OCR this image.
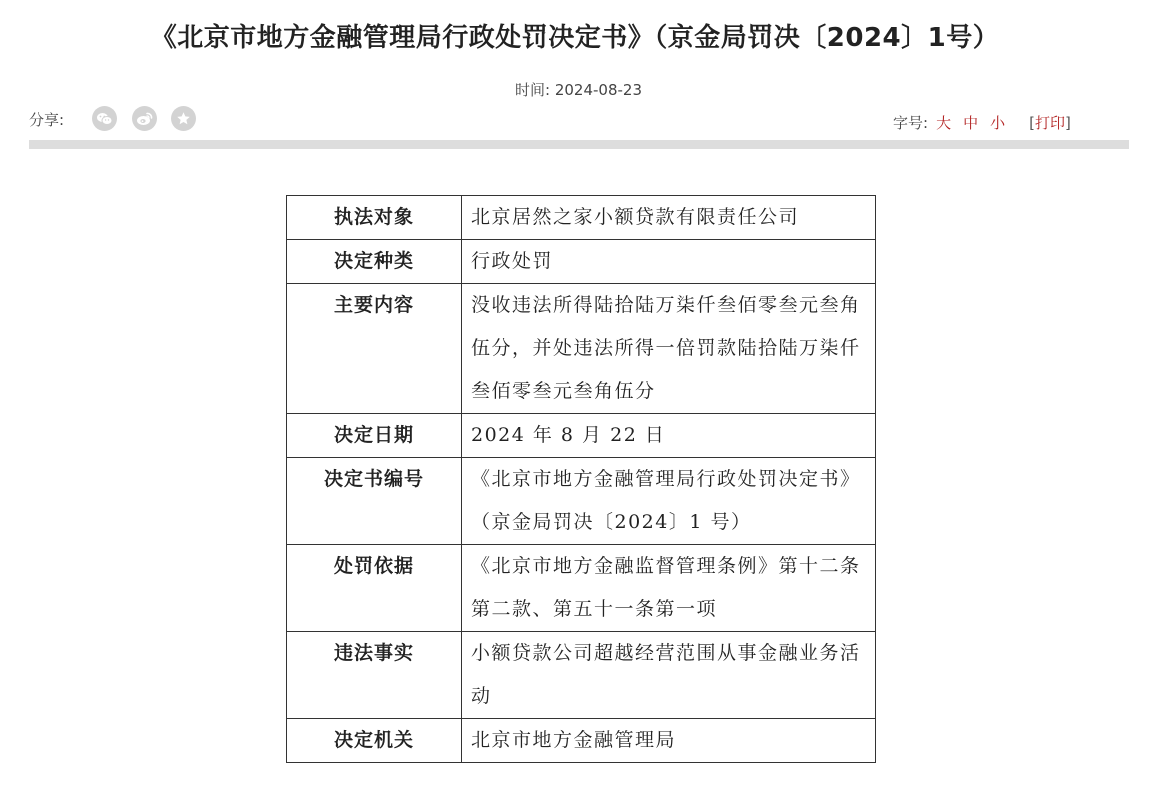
《北京市地方金融管理局行政处罚决定书》（京金局罚决〔2024〕1号）
时间: 2024-08-23
分享:	字号: 大 中 小 [打印]
执法对象	北京居然之家小额贷款有限责任公司
决定种类	行政处罚
主要内容	没收违法所得陆拾陆万柒仟叁佰零叁元叁角伍分，并处违法所得一倍罚款陆拾陆万柒仟叁佰零叁元叁角伍分
决定日期	2024 年 8 月 22 日
决定书编号	《北京市地方金融管理局行政处罚决定书》（京金局罚决〔2024〕1 号）
处罚依据	《北京市地方金融监督管理条例》第十二条第二款、第五十一条第一项
违法事实	小额贷款公司超越经营范围从事金融业务活动
决定机关	北京市地方金融管理局
